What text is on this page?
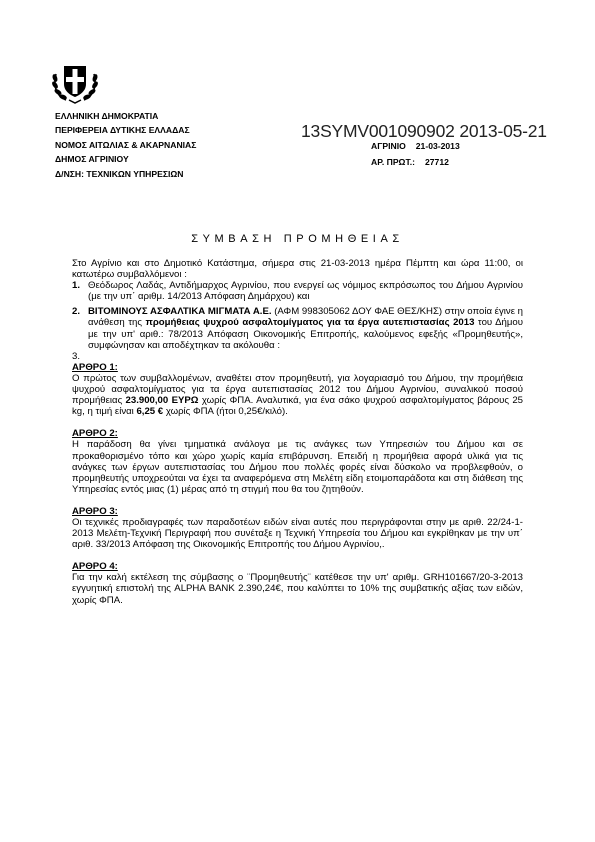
ΕΛΛΗΝΙΚΗ ΔΗΜΟΚΡΑΤΙΑ
ΠΕΡΙΦΕΡΕΙΑ ΔΥΤΙΚΗΣ ΕΛΛΑΔΑΣ
ΝΟΜΟΣ ΑΙΤΩΛΙΑΣ & ΑΚΑΡΝΑΝΙΑΣ
ΔΗΜΟΣ ΑΓΡΙΝΙΟΥ
Δ/ΝΣΗ: ΤΕΧΝΙΚΩΝ ΥΠΗΡΕΣΙΩΝ
13SYMV001090902 2013-05-21
ΑΓΡΙΝΙΟ 21-03-2013
ΑΡ. ΠΡΩΤ.: 27712
ΣΥΜΒΑΣΗ ΠΡΟΜΗΘΕΙΑΣ

Στο Αγρίνιο και στο Δημοτικό Κατάστημα, σήμερα στις 21-03-2013 ημέρα Πέμπτη και ώρα 11:00, οι κατωτέρω συμβαλλόμενοι :

1. Θεόδωρος Λαδάς, Αντιδήμαρχος Αγρινίου, που ενεργεί ως νόμιμος εκπρόσωπος του Δήμου Αγρινίου (με την υπ΄ αριθμ. 14/2013 Απόφαση Δημάρχου) και
2. ΒΙΤΟΜΙΝΟΥΣ ΑΣΦΑΛΤΙΚΑ ΜΙΓΜΑΤΑ Α.Ε. (ΑΦΜ 998305062 ΔΟΥ ΦΑΕ ΘΕΣ/ΚΗΣ) στην οποία έγινε η ανάθεση της προμήθειας ψυχρού ασφαλτομίγματος για τα έργα αυτεπιστασίας 2013 του Δήμου με την υπ' αριθ.: 78/2013 Απόφαση Οικονομικής Επιτροπής, καλούμενος εφεξής «Προμηθευτής», συμφώνησαν και αποδέχτηκαν τα ακόλουθα :

3.

ΑΡΘΡΟ 1:

Ο πρώτος των συμβαλλομένων, αναθέτει στον προμηθευτή, για λογαριασμό του Δήμου, την προμήθεια ψυχρού ασφαλτομίγματος για τα έργα αυτεπιστασίας 2012 του Δήμου Αγρινίου, συναλικού ποσού προμήθειας 23.900,00 ΕΥΡΩ χωρίς ΦΠΑ. Αναλυτικά, για ένα σάκο ψυχρού ασφαλτομίγματος βάρους 25 kg, η τιμή είναι 6,25 € χωρίς ΦΠΑ (ήτοι 0,25€/κιλό).

ΑΡΘΡΟ 2:

Η παράδοση θα γίνει τμηματικά ανάλογα με τις ανάγκες των Υπηρεσιών του Δήμου και σε προκαθορισμένο τόπο και χώρο χωρίς καμία επιβάρυνση. Επειδή η προμήθεια αφορά υλικά για τις ανάγκες των έργων αυτεπιστασίας του Δήμου που πολλές φορές είναι δύσκολο να προβλεφθούν, ο προμηθευτής υποχρεούται να έχει τα αναφερόμενα στη Μελέτη είδη ετοιμοπαράδοτα και στη διάθεση της Υπηρεσίας εντός μιας (1) μέρας από τη στιγμή που θα του ζητηθούν.

ΑΡΘΡΟ 3:

Οι τεχνικές προδιαγραφές των παραδοτέων ειδών είναι αυτές που περιγράφονται στην με αριθ. 22/24-1-2013 Μελέτη-Τεχνική Περιγραφή που συνέταξε η Τεχνική Υπηρεσία του Δήμου και εγκρίθηκαν με την υπ΄ αριθ. 33/2013 Απόφαση της Οικονομικής Επιτροπής του Δήμου Αγρινίου,.

ΑΡΘΡΟ 4:

Για την καλή εκτέλεση της σύμβασης ο ¨Προμηθευτής¨ κατέθεσε την υπ' αριθμ. GRH101667/20-3-2013 εγγυητική επιστολή της ALPHA BANK 2.390,24€, που καλύπτει το 10% της συμβατικής αξίας των ειδών, χωρίς ΦΠΑ.
